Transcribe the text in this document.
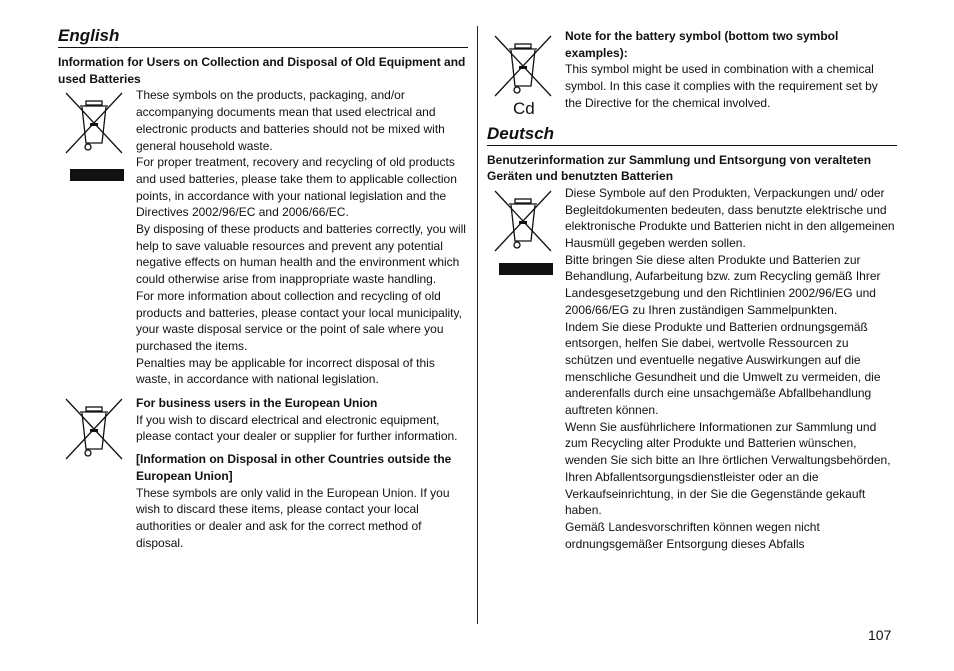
English

Information for Users on Collection and Disposal of Old Equipment and used Batteries

These symbols on the products, packaging, and/or accompanying documents mean that used electrical and electronic products and batteries should not be mixed with general household waste.

For proper treatment, recovery and recycling of old products and used batteries, please take them to applicable collection points, in accordance with your national legislation and the Directives 2002/96/EC and 2006/66/EC.

By disposing of these products and batteries correctly, you will help to save valuable resources and prevent any potential negative effects on human health and the environment which could otherwise arise from inappropriate waste handling.

For more information about collection and recycling of old products and batteries, please contact your local municipality, your waste disposal service or the point of sale where you purchased the items.

Penalties may be applicable for incorrect disposal of this waste, in accordance with national legislation.

For business users in the European Union

If you wish to discard electrical and electronic equipment, please contact your dealer or supplier for further information.

[Information on Disposal in other Countries outside the European Union]

These symbols are only valid in the European Union. If you wish to discard these items, please contact your local authorities or dealer and ask for the correct method of disposal.

Cd

Note for the battery symbol (bottom two symbol examples):

This symbol might be used in combination with a chemical symbol. In this case it complies with the requirement set by the Directive for the chemical involved.

Deutsch

Benutzerinformation zur Sammlung und Entsorgung von veralteten Geräten und benutzten Batterien

Diese Symbole auf den Produkten, Verpackungen und/ oder Begleitdokumenten bedeuten, dass benutzte elektrische und elektronische Produkte und Batterien nicht in den allgemeinen Hausmüll gegeben werden sollen.

Bitte bringen Sie diese alten Produkte und Batterien zur Behandlung, Aufarbeitung bzw. zum Recycling gemäß Ihrer Landesgesetzgebung und den Richtlinien 2002/96/EG und 2006/66/EG zu Ihren zuständigen Sammelpunkten.

Indem Sie diese Produkte und Batterien ordnungsgemäß entsorgen, helfen Sie dabei, wertvolle Ressourcen zu schützen und eventuelle negative Auswirkungen auf die menschliche Gesundheit und die Umwelt zu vermeiden, die anderenfalls durch eine unsachgemäße Abfallbehandlung auftreten können.

Wenn Sie ausführlichere Informationen zur Sammlung und zum Recycling alter Produkte und Batterien wünschen, wenden Sie sich bitte an Ihre örtlichen Verwaltungsbehörden, Ihren Abfallentsorgungsdienstleister oder an die Verkaufseinrichtung, in der Sie die Gegenstände gekauft haben.

Gemäß Landesvorschriften können wegen nicht ordnungsgemäßer Entsorgung dieses Abfalls

107
